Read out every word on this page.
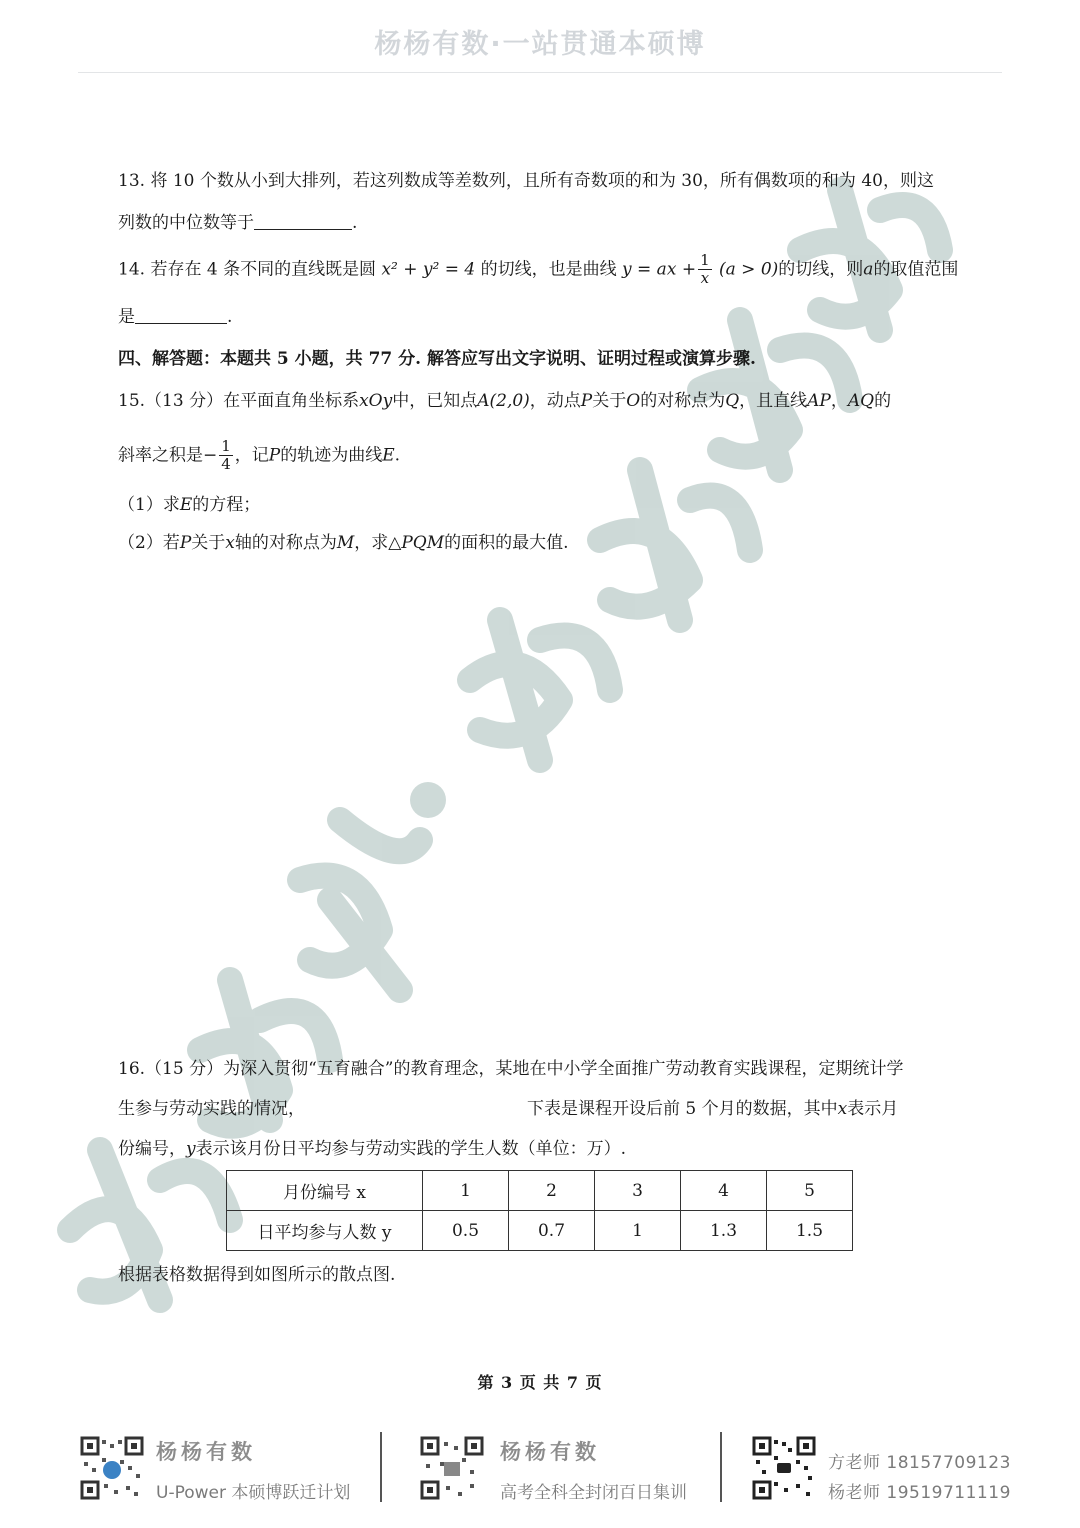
杨杨有数·一站贯通本硕博
13. 将 10 个数从小到大排列，若这列数成等差数列，且所有奇数项的和为 30，所有偶数项的和为 40，则这
列数的中位数等于	.
14. 若存在 4 条不同的直线既是圆 x² + y² = 4 的切线，也是曲线 y = ax + $\frac{1}{x} (a > 0)$的切线，则a的取值范围
是	.
四、解答题：本题共 5 小题，共 77 分. 解答应写出文字说明、证明过程或演算步骤.
15.（13 分）在平面直角坐标系xOy中，已知点A(2,0)，动点P关于O的对称点为Q，且直线AP，AQ的
斜率之积是− $\frac{1}{4}$ ，记P的轨迹为曲线E.
（1）求E的方程；
（2）若P关于x轴的对称点为M，求△PQM的面积的最大值.
16.（15 分）为深入贯彻“五育融合”的教育理念，某地在中小学全面推广劳动教育实践课程，定期统计学
生参与劳动实践的情况，	下表是课程开设后前 5 个月的数据，其中x表示月
份编号，y表示该月份日平均参与劳动实践的学生人数（单位：万）.
根据表格数据得到如图所示的散点图.
月份编号 x	1	2	3	4	5
日平均参与人数 y	0.5	0.7	1	1.3	1.5
第 3 页 共 7 页
杨杨有数
U-Power 本硕博跃迁计划
杨杨有数
高考全科全封闭百日集训
方老师 18157709123
杨老师 19519711119
